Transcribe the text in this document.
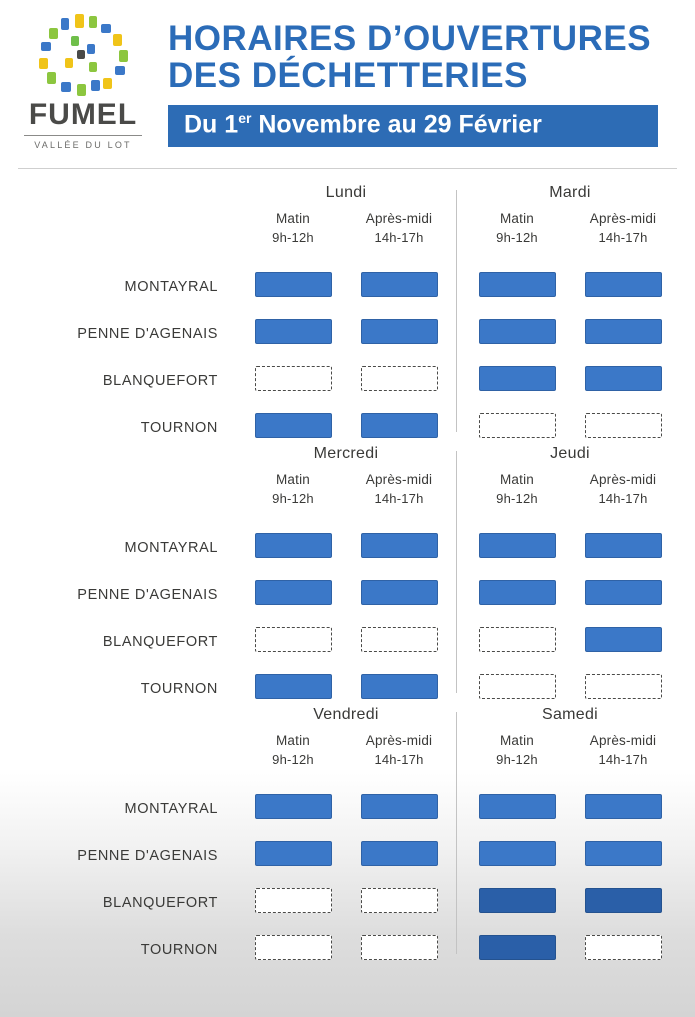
FUMEL
VALLÉE DU LOT
HORAIRES D’OUVERTURES
DES DÉCHETTERIES
Du 1er Novembre au 29 Février
MONTAYRAL
PENNE D'AGENAIS
BLANQUEFORT
TOURNON
Lundi
Matin
9h-12h
Après-midi
14h-17h
Mardi
Matin
9h-12h
Après-midi
14h-17h
MONTAYRAL
PENNE D'AGENAIS
BLANQUEFORT
TOURNON
Mercredi
Matin
9h-12h
Après-midi
14h-17h
Jeudi
Matin
9h-12h
Après-midi
14h-17h
MONTAYRAL
PENNE D'AGENAIS
BLANQUEFORT
TOURNON
Vendredi
Matin
9h-12h
Après-midi
14h-17h
Samedi
Matin
9h-12h
Après-midi
14h-17h
